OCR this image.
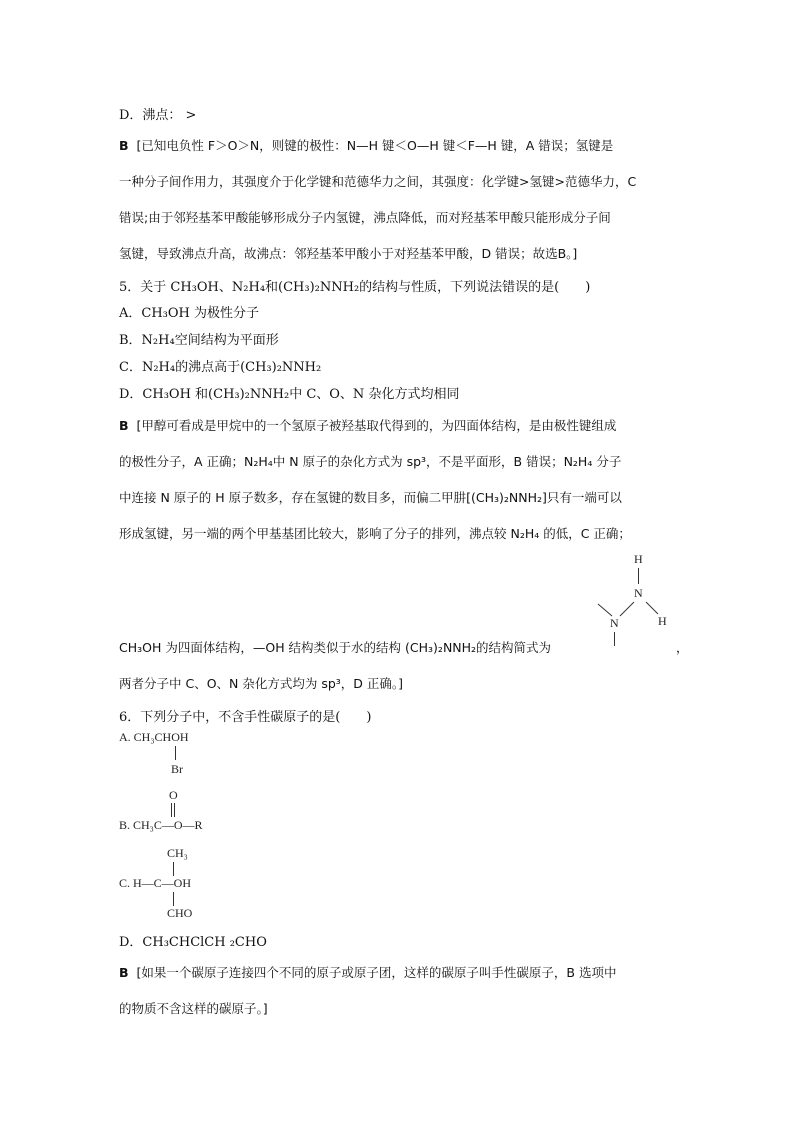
D．沸点： >
B [已知电负性 F＞O＞N，则键的极性：N—H 键＜O—H 键＜F—H 键，A 错误；氢键是
一种分子间作用力，其强度介于化学键和范德华力之间，其强度：化学键>氢键>范德华力，C
错误;由于邻羟基苯甲酸能够形成分子内氢键，沸点降低，而对羟基苯甲酸只能形成分子间
氢键，导致沸点升高，故沸点：邻羟基苯甲酸小于对羟基苯甲酸，D 错误；故选B。]
5．关于 CH₃OH、N₂H₄和(CH₃)₂NNH₂的结构与性质，下列说法错误的是(　　)
A．CH₃OH 为极性分子
B．N₂H₄空间结构为平面形
C．N₂H₄的沸点高于(CH₃)₂NNH₂
D．CH₃OH 和(CH₃)₂NNH₂中 C、O、N 杂化方式均相同
B [甲醇可看成是甲烷中的一个氢原子被羟基取代得到的，为四面体结构，是由极性键组成
的极性分子，A 正确；N₂H₄中 N 原子的杂化方式为 sp³，不是平面形，B 错误；N₂H₄ 分子
中连接 N 原子的 H 原子数多，存在氢键的数目多，而偏二甲肼[(CH₃)₂NNH₂]只有一端可以
形成氢键，另一端的两个甲基基团比较大，影响了分子的排列，沸点较 N₂H₄ 的低，C 正确；
H
N
N	H
CH₃OH 为四面体结构，—OH 结构类似于水的结构 (CH₃)₂NNH₂的结构简式为	，
两者分子中 C、O、N 杂化方式均为 sp³，D 正确。]
6．下列分子中，不含手性碳原子的是(　　)
A. CH₃CHOH
Br
O
B. CH₃C—O—R
CH₃
C. H—C—OH
CHO
D．CH₃CHClCH ₂CHO
B [如果一个碳原子连接四个不同的原子或原子团，这样的碳原子叫手性碳原子，B 选项中
的物质不含这样的碳原子。]
